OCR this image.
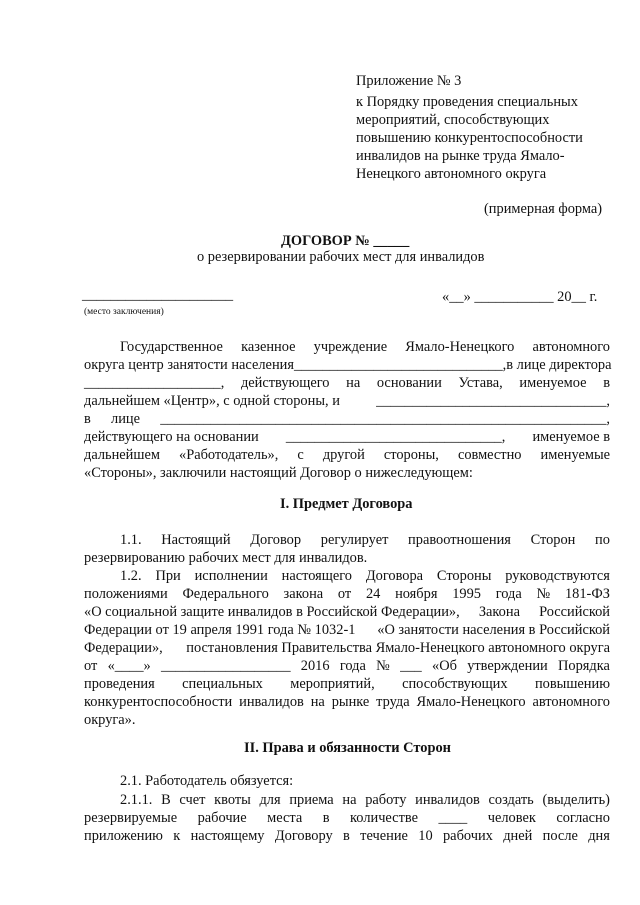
Приложение № 3
к Порядку проведения специальных
мероприятий, способствующих
повышению конкурентоспособности
инвалидов на рынке труда Ямало-
Ненецкого автономного округа
(примерная форма)
ДОГОВОР № _____
о резервировании рабочих мест для инвалидов
_____________________
(место заключения)
«__» ___________ 20__ г.
Государственное казенное учреждение Ямало-Ненецкого автономного
округа центр занятости населения _____________________________, в лице директора
___________________, действующего на основании Устава, именуемое в
дальнейшем «Центр», с одной стороны, и	________________________________,
в лице ______________________________________________________________,
действующего на основании ______________________________, именуемое в
дальнейшем «Работодатель», с другой стороны, совместно именуемые
«Стороны», заключили настоящий Договор о нижеследующем:
I. Предмет Договора
1.1. Настоящий Договор регулирует правоотношения Сторон по
резервированию рабочих мест для инвалидов.
1.2. При исполнении настоящего Договора Стороны руководствуются
положениями Федерального закона от 24 ноября 1995 года № 181-ФЗ
«О социальной защите инвалидов в Российской Федерации», Закона Российской
Федерации от 19 апреля 1991 года № 1032-1 «О занятости населения в Российской
Федерации», постановления Правительства Ямало-Ненецкого автономного округа
от «____» __________________ 2016 года № ___ «Об утверждении Порядка
проведения специальных мероприятий, способствующих повышению
конкурентоспособности инвалидов на рынке труда Ямало-Ненецкого автономного
округа».
II. Права и обязанности Сторон
2.1. Работодатель обязуется:
2.1.1. В счет квоты для приема на работу инвалидов создать (выделить)
резервируемые рабочие места в количестве ____ человек согласно
приложению к настоящему Договору в течение 10 рабочих дней после дня
